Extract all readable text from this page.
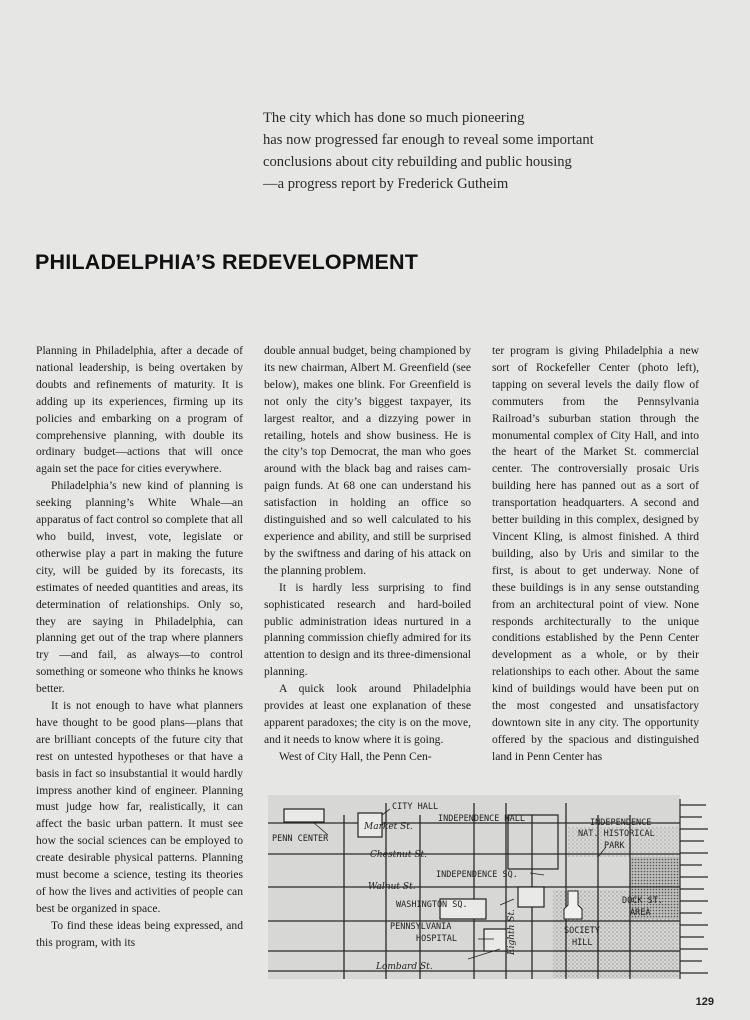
The city which has done so much pioneering
has now progressed far enough to reveal some important
conclusions about city rebuilding and public housing
—a progress report by Frederick Gutheim
PHILADELPHIA’S REDEVELOPMENT

Planning in Philadelphia, after a decade of national leadership, is being overtaken by doubts and refinements of maturity. It is adding up its experiences, firming up its policies and embarking on a program of comprehensive planning, with double its ordinary budget—actions that will once again set the pace for cities everywhere.

Philadelphia’s new kind of planning is seeking planning’s White Whale—an apparatus of fact control so complete that all who build, invest, vote, legislate or otherwise play a part in making the future city, will be guided by its forecasts, its estimates of needed quantities and areas, its determination of relationships. Only so, they are saying in Philadelphia, can planning get out of the trap where planners try —and fail, as always—to control something or someone who thinks he knows better.

It is not enough to have what planners have thought to be good plans—plans that are brilliant concepts of the future city that rest on untested hypotheses or that have a basis in fact so insubstantial it would hardly impress another kind of engineer. Planning must judge how far, realistically, it can affect the basic urban pattern. It must see how the social sciences can be employed to create desirable physical patterns. Planning must become a science, testing its theories of how the lives and activities of people can best be organized in space.

To find these ideas being expressed, and this program, with its

double annual budget, being championed by its new chairman, Albert M. Greenfield (see below), makes one blink. For Greenfield is not only the city’s biggest taxpayer, its largest realtor, and a dizzying power in retailing, hotels and show business. He is the city’s top Democrat, the man who goes around with the black bag and raises campaign funds. At 68 one can understand his satisfaction in holding an office so distinguished and so well calculated to his experience and ability, and still be surprised by the swiftness and daring of his attack on the planning problem.

It is hardly less surprising to find sophisticated research and hard-boiled public administration ideas nurtured in a planning commission chiefly admired for its attention to design and its three-dimensional planning.

A quick look around Philadelphia provides at least one explanation of these apparent paradoxes; the city is on the move, and it needs to know where it is going.

West of City Hall, the Penn Cen-

ter program is giving Philadelphia a new sort of Rockefeller Center (photo left), tapping on several levels the daily flow of commuters from the Pennsylvania Railroad’s suburban station through the monumental complex of City Hall, and into the heart of the Market St. commercial center. The controversially prosaic Uris building here has panned out as a sort of transportation headquarters. A second and better building in this complex, designed by Vincent Kling, is almost finished. A third building, also by Uris and similar to the first, is about to get underway. None of these buildings is in any sense outstanding from an architectural point of view. None responds architecturally to the unique conditions established by the Penn Center development as a whole, or by their relationships to each other. About the same kind of buildings would have been put on the most congested and unsatisfactory downtown site in any city. The opportunity offered by the spacious and distinguished land in Penn Center has

CITY HALL
INDEPENDENCE MALL	INDEPENDENCE
NAT. HISTORICAL
PARK
PENN CENTER
Market St.
Chestnut St.
INDEPENDENCE SQ.
Walnut St.
WASHINGTON SQ.	DOCK ST.
AREA
PENNSYLVANIA
HOSPITAL	Eighth St.	SOCIETY
HILL
Lombard St.
129
